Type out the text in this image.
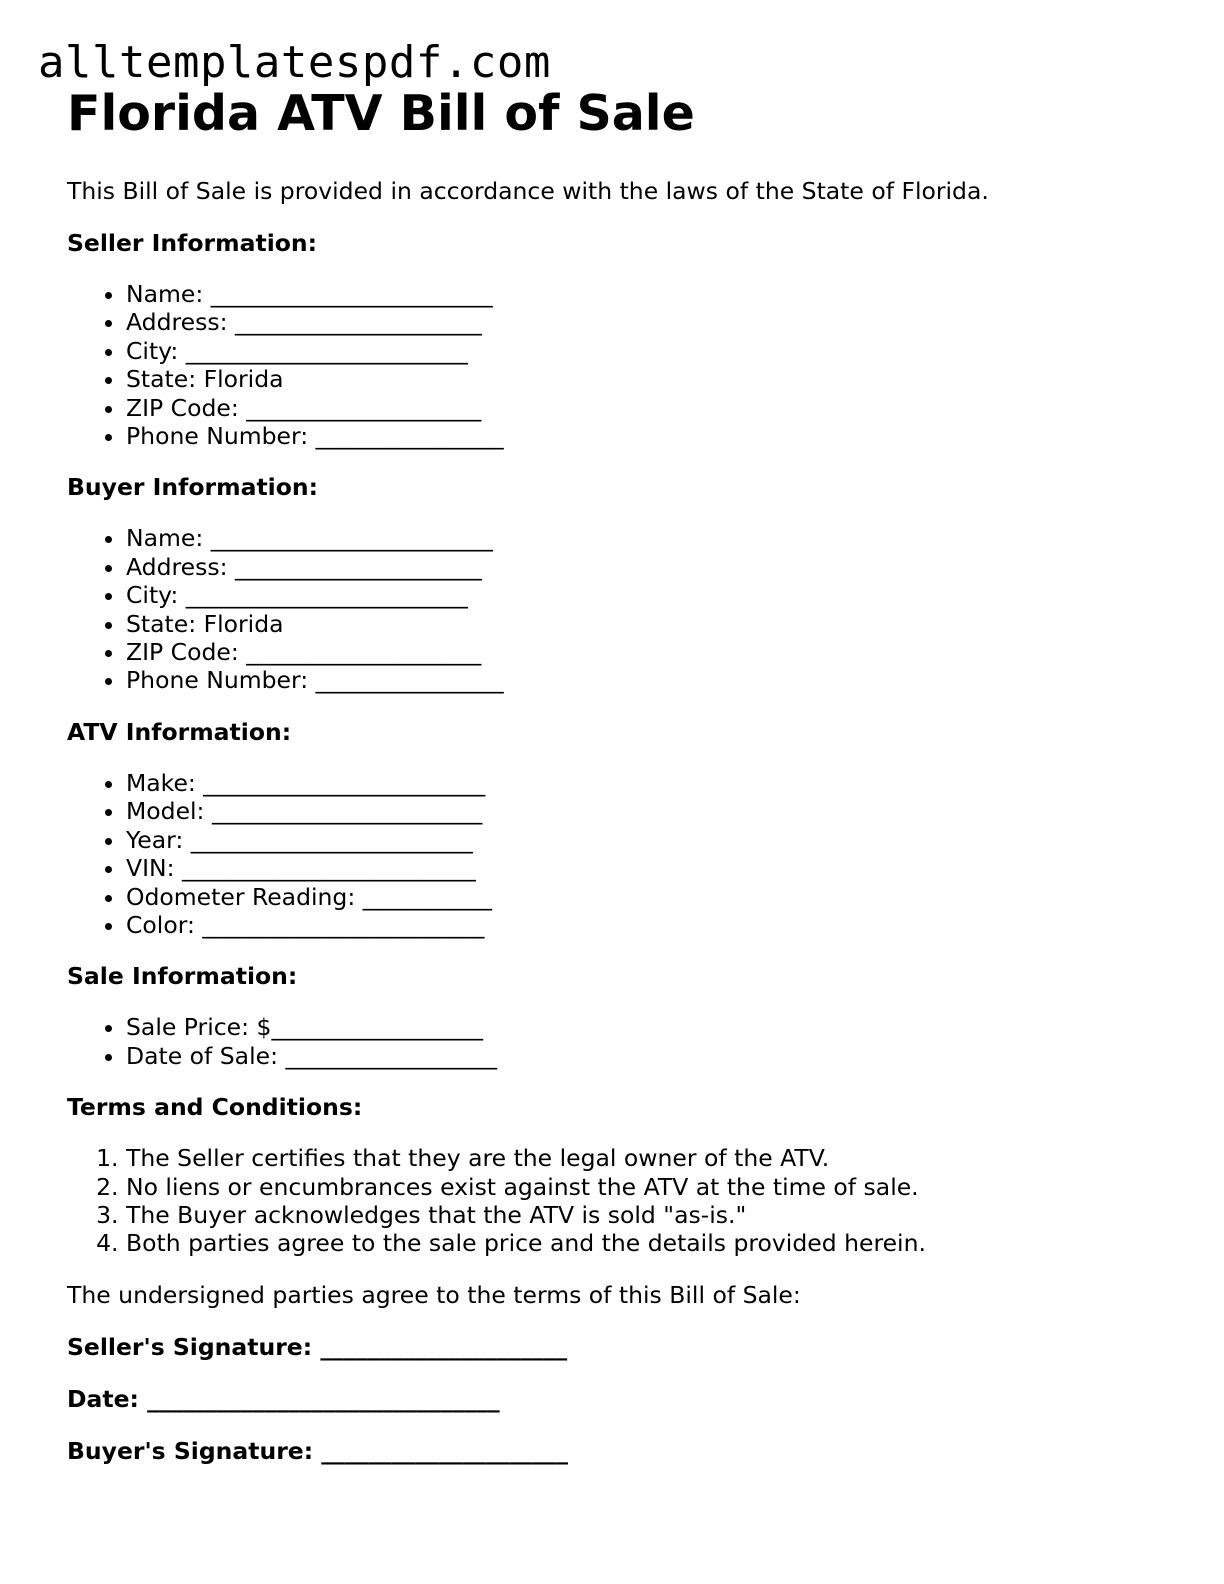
alltemplatespdf.com
Florida ATV Bill of Sale

This Bill of Sale is provided in accordance with the laws of the State of Florida.

Seller Information:
• Name: ________________________
• Address: _____________________
• City: ________________________
• State: Florida
• ZIP Code: ____________________
• Phone Number: ________________
Buyer Information:
• Name: ________________________
• Address: _____________________
• City: ________________________
• State: Florida
• ZIP Code: ____________________
• Phone Number: ________________
ATV Information:
• Make: ________________________
• Model: _______________________
• Year: ________________________
• VIN: _________________________
• Odometer Reading: ___________
• Color: ________________________
Sale Information:
• Sale Price: $__________________
• Date of Sale: __________________
Terms and Conditions:
1. The Seller certifies that they are the legal owner of the ATV.
2. No liens or encumbrances exist against the ATV at the time of sale.
3. The Buyer acknowledges that the ATV is sold "as-is."
4. Both parties agree to the sale price and the details provided herein.

The undersigned parties agree to the terms of this Bill of Sale:

Seller's Signature: _____________________

Date: ______________________________

Buyer's Signature: _____________________
